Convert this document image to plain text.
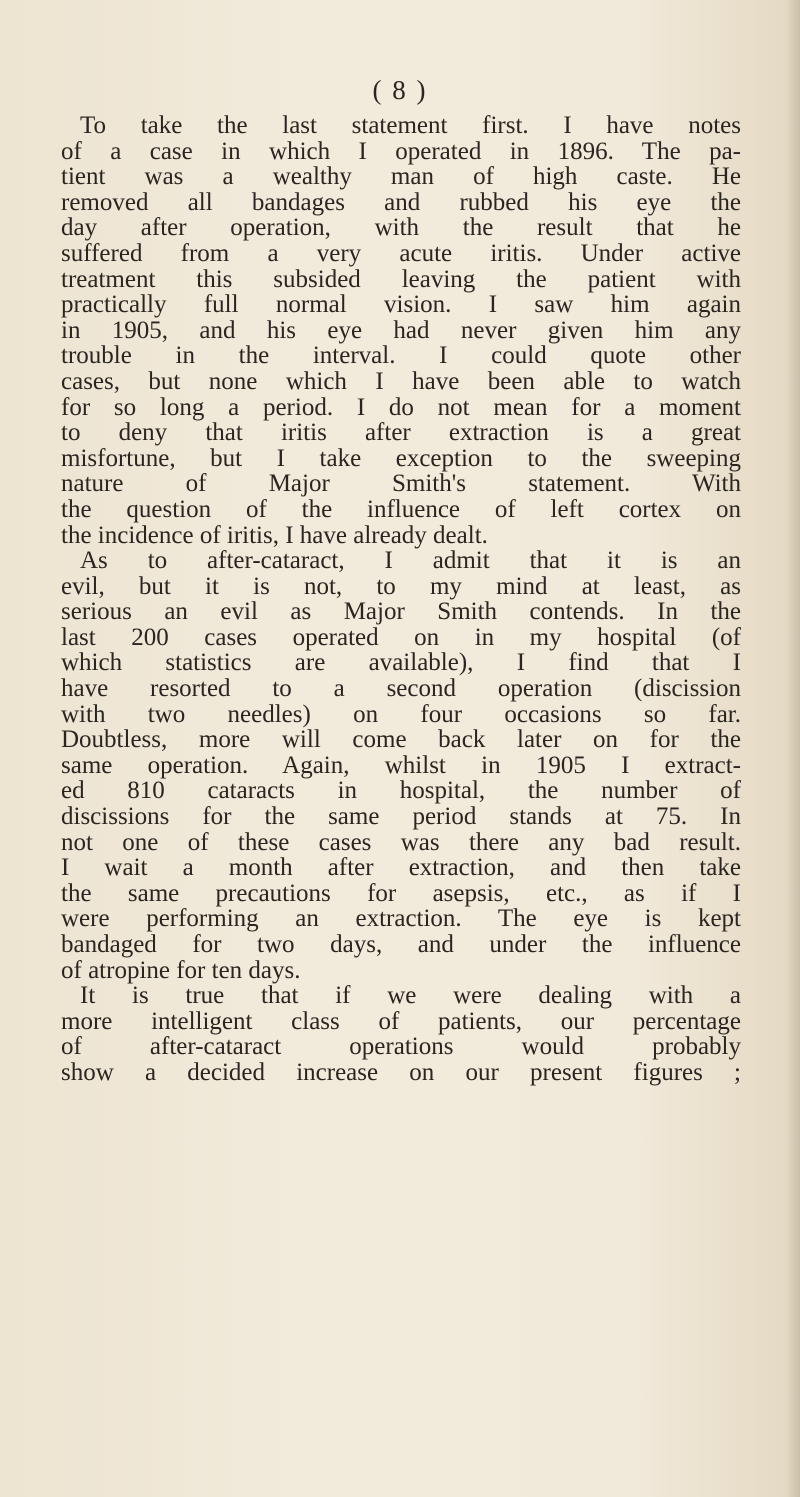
( 8 )
To take the last statement first. I have notes
of a case in which I operated in 1896. The pa-
tient was a wealthy man of high caste. He
removed all bandages and rubbed his eye the
day after operation, with the result that he
suffered from a very acute iritis. Under active
treatment this subsided leaving the patient with
practically full normal vision. I saw him again
in 1905, and his eye had never given him any
trouble in the interval. I could quote other
cases, but none which I have been able to watch
for so long a period. I do not mean for a moment
to deny that iritis after extraction is a great
misfortune, but I take exception to the sweeping
nature of Major Smith's statement. With
the question of the influence of left cortex on
the incidence of iritis, I have already dealt.
As to after-cataract, I admit that it is an
evil, but it is not, to my mind at least, as
serious an evil as Major Smith contends. In the
last 200 cases operated on in my hospital (of
which statistics are available), I find that I
have resorted to a second operation (discission
with two needles) on four occasions so far.
Doubtless, more will come back later on for the
same operation. Again, whilst in 1905 I extract-
ed 810 cataracts in hospital, the number of
discissions for the same period stands at 75. In
not one of these cases was there any bad result.
I wait a month after extraction, and then take
the same precautions for asepsis, etc., as if I
were performing an extraction. The eye is kept
bandaged for two days, and under the influence
of atropine for ten days.
It is true that if we were dealing with a
more intelligent class of patients, our percentage
of after-cataract operations would probably
show a decided increase on our present figures ;
